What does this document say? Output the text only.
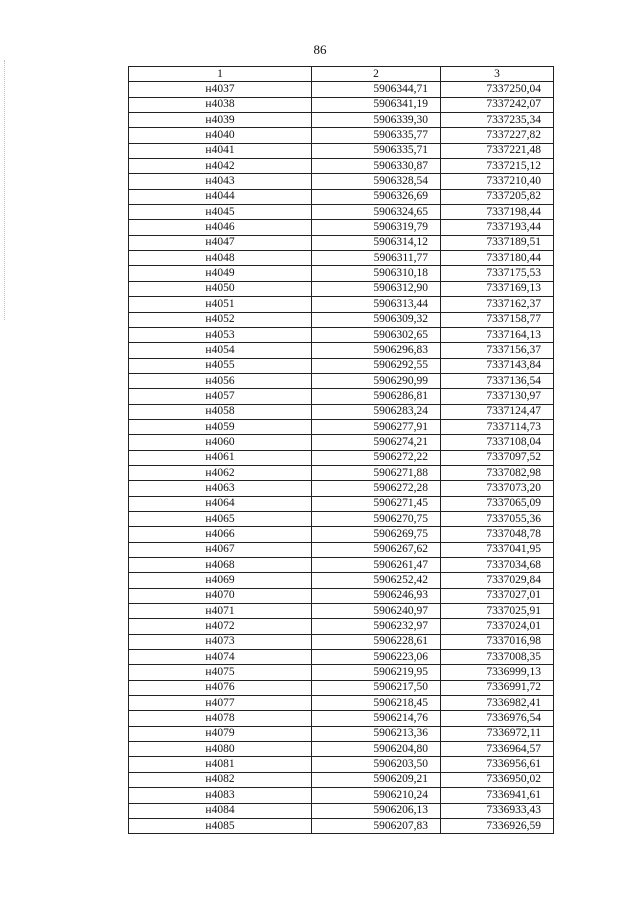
86
1	2	3
н4037	5906344,71	7337250,04
н4038	5906341,19	7337242,07
н4039	5906339,30	7337235,34
н4040	5906335,77	7337227,82
н4041	5906335,71	7337221,48
н4042	5906330,87	7337215,12
н4043	5906328,54	7337210,40
н4044	5906326,69	7337205,82
н4045	5906324,65	7337198,44
н4046	5906319,79	7337193,44
н4047	5906314,12	7337189,51
н4048	5906311,77	7337180,44
н4049	5906310,18	7337175,53
н4050	5906312,90	7337169,13
н4051	5906313,44	7337162,37
н4052	5906309,32	7337158,77
н4053	5906302,65	7337164,13
н4054	5906296,83	7337156,37
н4055	5906292,55	7337143,84
н4056	5906290,99	7337136,54
н4057	5906286,81	7337130,97
н4058	5906283,24	7337124,47
н4059	5906277,91	7337114,73
н4060	5906274,21	7337108,04
н4061	5906272,22	7337097,52
н4062	5906271,88	7337082,98
н4063	5906272,28	7337073,20
н4064	5906271,45	7337065,09
н4065	5906270,75	7337055,36
н4066	5906269,75	7337048,78
н4067	5906267,62	7337041,95
н4068	5906261,47	7337034,68
н4069	5906252,42	7337029,84
н4070	5906246,93	7337027,01
н4071	5906240,97	7337025,91
н4072	5906232,97	7337024,01
н4073	5906228,61	7337016,98
н4074	5906223,06	7337008,35
н4075	5906219,95	7336999,13
н4076	5906217,50	7336991,72
н4077	5906218,45	7336982,41
н4078	5906214,76	7336976,54
н4079	5906213,36	7336972,11
н4080	5906204,80	7336964,57
н4081	5906203,50	7336956,61
н4082	5906209,21	7336950,02
н4083	5906210,24	7336941,61
н4084	5906206,13	7336933,43
н4085	5906207,83	7336926,59
